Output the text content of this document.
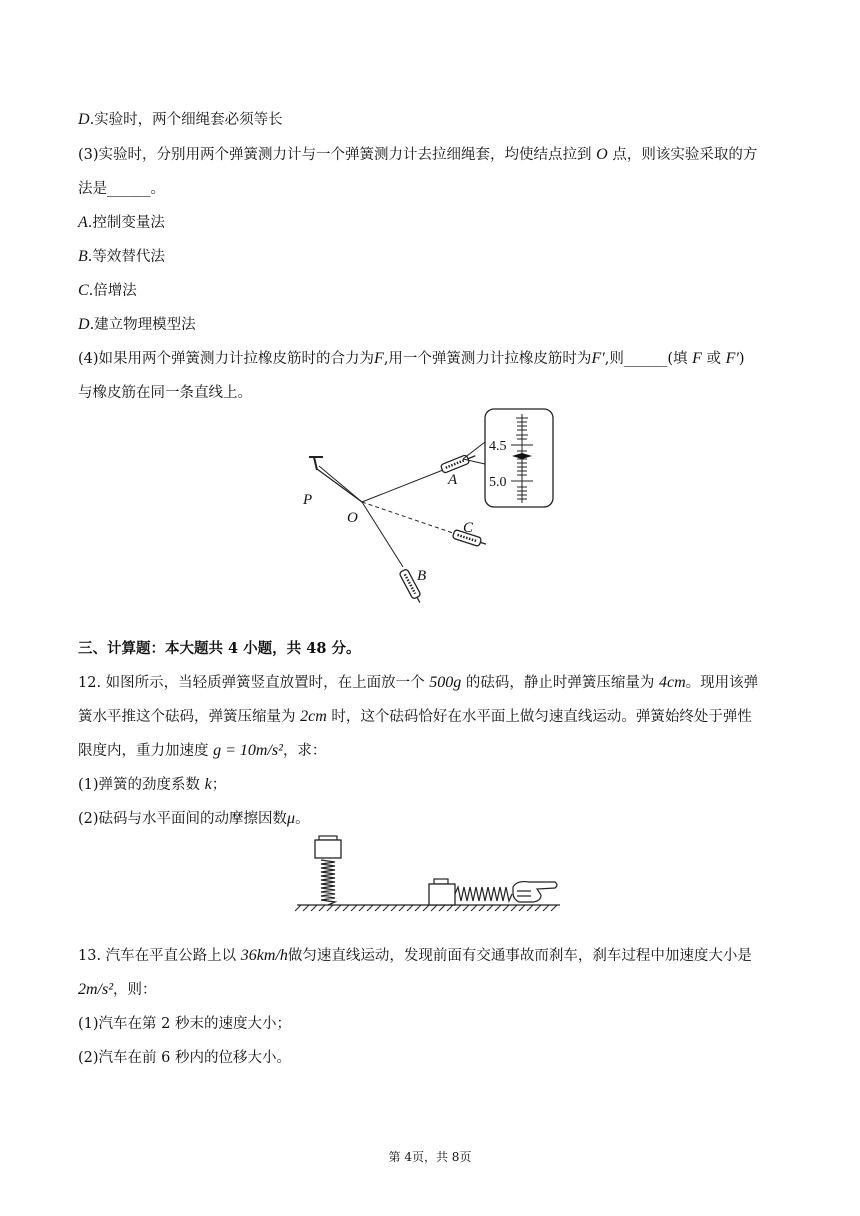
D.实验时，两个细绳套必须等长
(3)实验时，分别用两个弹簧测力计与一个弹簧测力计去拉细绳套，均使结点拉到 O 点，则该实验采取的方
法是______。
A.控制变量法
B.等效替代法
C.倍增法
D.建立物理模型法
(4)如果用两个弹簧测力计拉橡皮筋时的合力为F,用一个弹簧测力计拉橡皮筋时为F′,则______(填 F 或 F′)
与橡皮筋在同一条直线上。
4.5
5.0
P
O
A
C
B
三、计算题：本大题共 4 小题，共 48 分。
12. 如图所示，当轻质弹簧竖直放置时，在上面放一个 500g 的砝码，静止时弹簧压缩量为 4cm。现用该弹
簧水平推这个砝码，弹簧压缩量为 2cm 时，这个砝码恰好在水平面上做匀速直线运动。弹簧始终处于弹性
限度内，重力加速度 g = 10m/s²，求：
(1)弹簧的劲度系数 k；
(2)砝码与水平面间的动摩擦因数μ。
13. 汽车在平直公路上以 36km/h做匀速直线运动，发现前面有交通事故而刹车，刹车过程中加速度大小是
2m/s²，则：
(1)汽车在第 2 秒末的速度大小；
(2)汽车在前 6 秒内的位移大小。
第 4页，共 8页
